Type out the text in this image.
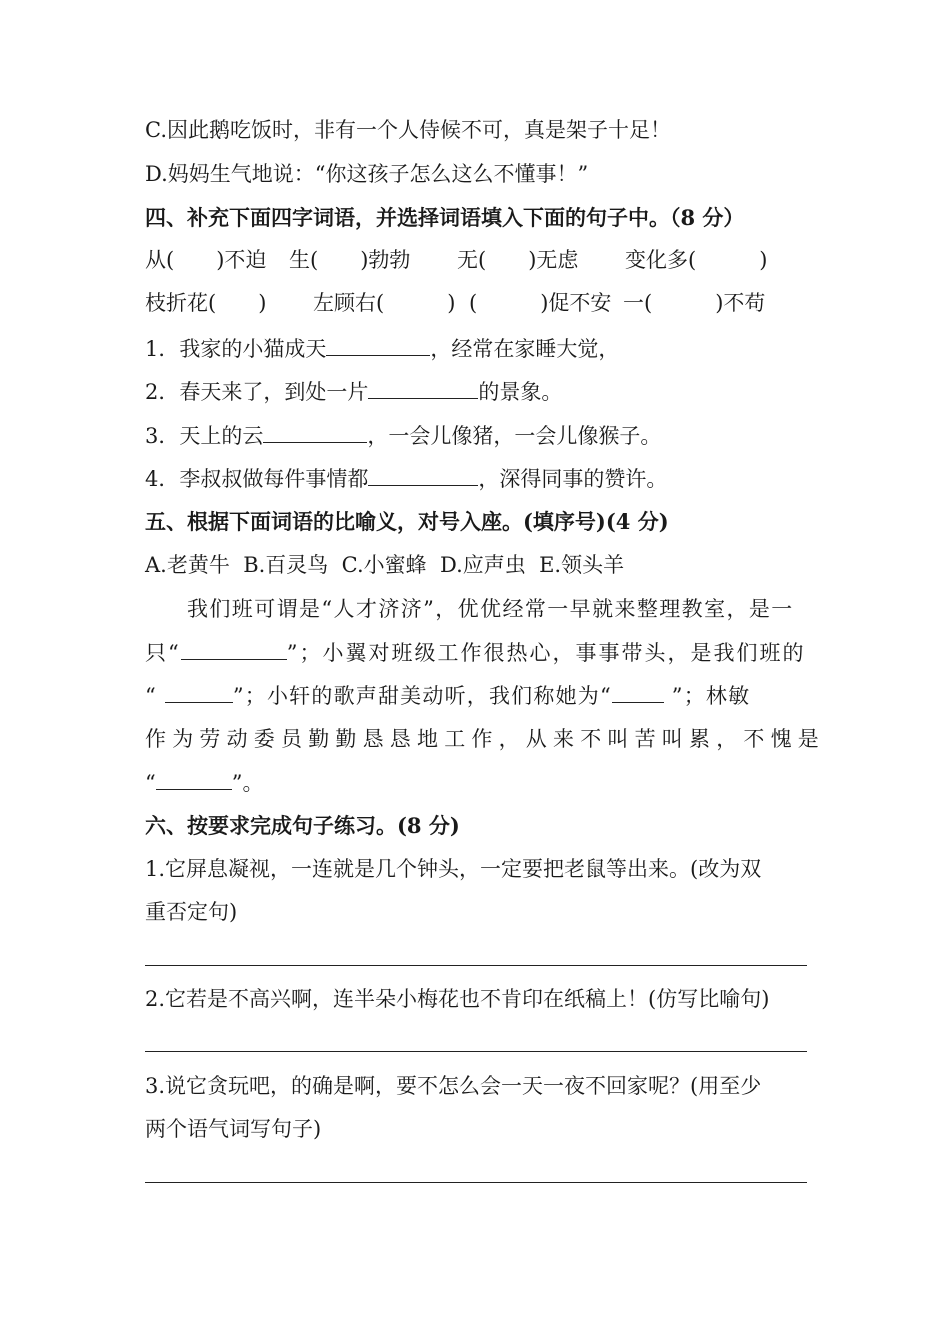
C.因此鹅吃饭时，非有一个人侍候不可，真是架子十足！
D.妈妈生气地说：“你这孩子怎么这么不懂事！”
四、补充下面四字词语，并选择词语填入下面的句子中。（8 分）
从(　　)不迫 生(　　)勃勃 无(　　)无虑 变化多(　　　)
枝折花(　　) 左顾右(　　　) (　　　)促不安 一(　　　)不苟
1．我家的小猫成天	，经常在家睡大觉，
2．春天来了，到处一片	的景象。
3．天上的云	，一会儿像猪，一会儿像猴子。
4．李叔叔做每件事情都	，深得同事的赞许。
五、根据下面词语的比喻义，对号入座。(填序号)(4 分)
A.老黄牛  B.百灵鸟  C.小蜜蜂  D.应声虫  E.领头羊
我们班可谓是“人才济济”，优优经常一早就来整理教室，是一
只“	”；小翼对班级工作很热心，事事带头，是我们班的
“	”；小轩的歌声甜美动听，我们称她为“	”；林敏
作为劳动委员勤勤恳恳地工作，从来不叫苦叫累，不愧是
“	”。
六、按要求完成句子练习。(8 分)
1.它屏息凝视，一连就是几个钟头，一定要把老鼠等出来。(改为双
重否定句)
2.它若是不高兴啊，连半朵小梅花也不肯印在纸稿上！(仿写比喻句)
3.说它贪玩吧，的确是啊，要不怎么会一天一夜不回家呢？(用至少
两个语气词写句子)
